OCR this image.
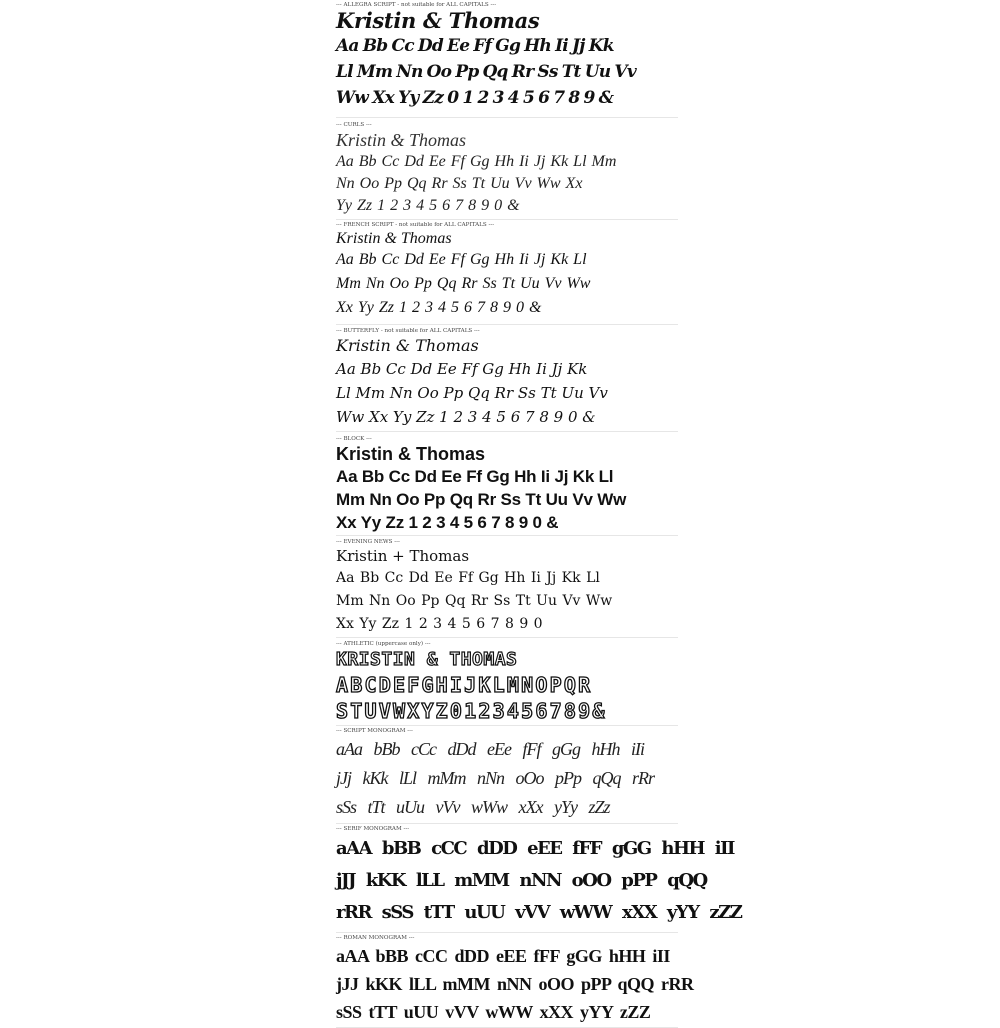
--- ALLEGRA SCRIPT - not suitable for ALL CAPITALS ---
Kristin & Thomas
Aa Bb Cc Dd Ee Ff Gg Hh Ii Jj Kk
Ll Mm Nn Oo Pp Qq Rr Ss Tt Uu Vv
Ww Xx Yy Zz 0 1 2 3 4 5 6 7 8 9 &
--- CURLS ---
Kristin & Thomas
Aa Bb Cc Dd Ee Ff Gg Hh Ii Jj Kk Ll Mm
Nn Oo Pp Qq Rr Ss Tt Uu Vv Ww Xx
Yy Zz 1 2 3 4 5 6 7 8 9 0 &
--- FRENCH SCRIPT - not suitable for ALL CAPITALS ---
Kristin & Thomas
Aa Bb Cc Dd Ee Ff Gg Hh Ii Jj Kk Ll
Mm Nn Oo Pp Qq Rr Ss Tt Uu Vv Ww
Xx Yy Zz 1 2 3 4 5 6 7 8 9 0 &
--- BUTTERFLY - not suitable for ALL CAPITALS ---
Kristin & Thomas
Aa Bb Cc Dd Ee Ff Gg Hh Ii Jj Kk
Ll Mm Nn Oo Pp Qq Rr Ss Tt Uu Vv
Ww Xx Yy Zz 1 2 3 4 5 6 7 8 9 0 &
--- BLOCK ---
Kristin & Thomas
Aa Bb Cc Dd Ee Ff Gg Hh Ii Jj Kk Ll
Mm Nn Oo Pp Qq Rr Ss Tt Uu Vv Ww
Xx Yy Zz 1 2 3 4 5 6 7 8 9 0 &
--- EVENING NEWS ---
Kristin + Thomas
Aa Bb Cc Dd Ee Ff Gg Hh Ii Jj Kk Ll
Mm Nn Oo Pp Qq Rr Ss Tt Uu Vv Ww
Xx Yy Zz 1 2 3 4 5 6 7 8 9 0
--- ATHLETIC (uppercase only) ---
KRISTIN & THOMAS
ABCDEFGHIJKLMNOPQR
STUVWXYZ0123456789&
--- SCRIPT MONOGRAM ---
aAa bBb cCc dDd eEe fFf gGg hHh iIi
jJj kKk lLl mMm nNn oOo pPp qQq rRr
sSs tTt uUu vVv wWw xXx yYy zZz
--- SERIF MONOGRAM ---
aAA bBB cCC dDD eEE fFF gGG hHH iII
jJJ kKK lLL mMM nNN oOO pPP qQQ
rRR sSS tTT uUU vVV wWW xXX yYY zZZ
--- ROMAN MONOGRAM ---
aAA bBB cCC dDD eEE fFF gGG hHH iII
jJJ kKK lLL mMM nNN oOO pPP qQQ rRR
sSS tTT uUU vVV wWW xXX yYY zZZ
